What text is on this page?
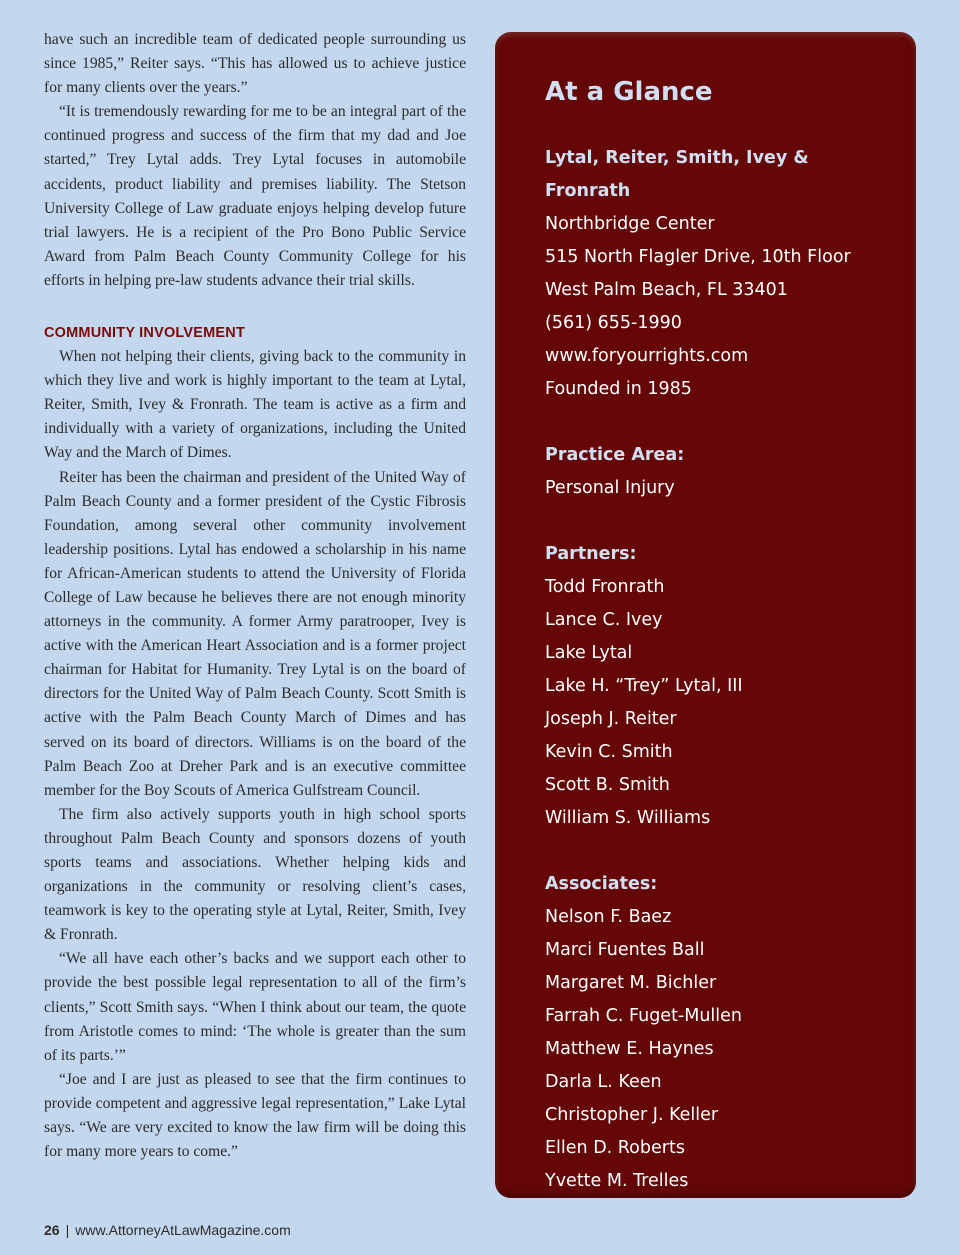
have such an incredible team of dedicated people surrounding us since 1985,” Reiter says. “This has allowed us to achieve justice for many clients over the years.”

“It is tremendously rewarding for me to be an integral part of the continued progress and success of the firm that my dad and Joe started,” Trey Lytal adds. Trey Lytal focuses in automobile accidents, product liability and premises liability. The Stetson University College of Law graduate enjoys helping develop future trial lawyers. He is a recipient of the Pro Bono Public Service Award from Palm Beach County Community College for his efforts in helping pre-law students advance their trial skills.

COMMUNITY INVOLVEMENT

When not helping their clients, giving back to the community in which they live and work is highly important to the team at Lytal, Reiter, Smith, Ivey & Fronrath. The team is active as a firm and individually with a variety of organizations, including the United Way and the March of Dimes.

Reiter has been the chairman and president of the United Way of Palm Beach County and a former president of the Cystic Fibrosis Foundation, among several other community involvement leadership positions. Lytal has endowed a scholarship in his name for African-American students to attend the University of Florida College of Law because he believes there are not enough minority attorneys in the community. A former Army paratrooper, Ivey is active with the American Heart Association and is a former project chairman for Habitat for Humanity. Trey Lytal is on the board of directors for the United Way of Palm Beach County. Scott Smith is active with the Palm Beach County March of Dimes and has served on its board of directors. Williams is on the board of the Palm Beach Zoo at Dreher Park and is an executive committee member for the Boy Scouts of America Gulfstream Council.

The firm also actively supports youth in high school sports throughout Palm Beach County and sponsors dozens of youth sports teams and associations. Whether helping kids and organizations in the community or resolving client’s cases, teamwork is key to the operating style at Lytal, Reiter, Smith, Ivey & Fronrath.

“We all have each other’s backs and we support each other to provide the best possible legal representation to all of the firm’s clients,” Scott Smith says. “When I think about our team, the quote from Aristotle comes to mind: ‘The whole is greater than the sum of its parts.’”

“Joe and I are just as pleased to see that the firm continues to provide competent and aggressive legal representation,” Lake Lytal says. “We are very excited to know the law firm will be doing this for many more years to come.”

At a Glance

Lytal, Reiter, Smith, Ivey & Fronrath

Northbridge Center

515 North Flagler Drive, 10th Floor

West Palm Beach, FL 33401

(561) 655-1990

www.foryourrights.com

Founded in 1985

Practice Area:

Personal Injury

Partners:

Todd Fronrath

Lance C. Ivey

Lake Lytal

Lake H. “Trey” Lytal, III

Joseph J. Reiter

Kevin C. Smith

Scott B. Smith

William S. Williams

Associates:

Nelson F. Baez

Marci Fuentes Ball

Margaret M. Bichler

Farrah C. Fuget-Mullen

Matthew E. Haynes

Darla L. Keen

Christopher J. Keller

Ellen D. Roberts

Yvette M. Trelles

26 | www.AttorneyAtLawMagazine.com
